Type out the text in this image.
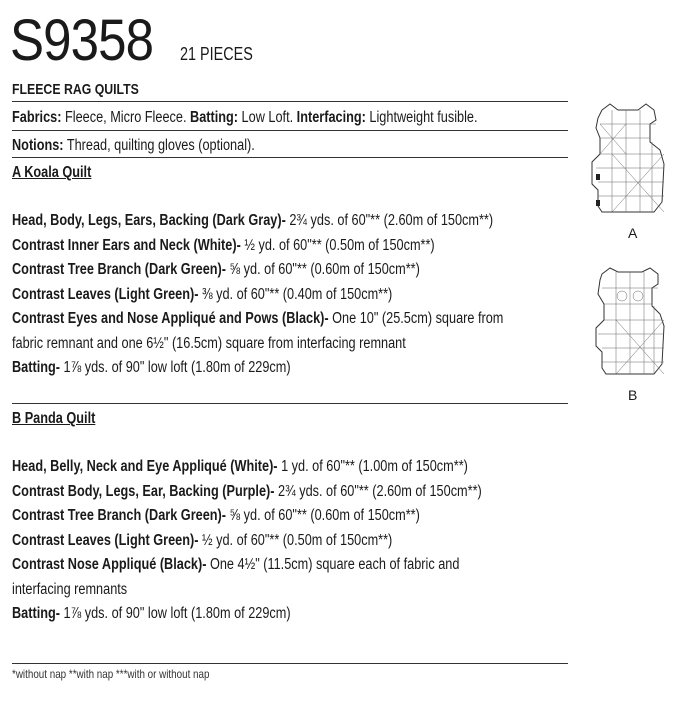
S9358 21 PIECES
FLEECE RAG QUILTS
Fabrics: Fleece, Micro Fleece. Batting: Low Loft. Interfacing: Lightweight fusible.
Notions: Thread, quilting gloves (optional).
A Koala Quilt
Head, Body, Legs, Ears, Backing (Dark Gray)- 2¾ yds. of 60"** (2.60m of 150cm**)
Contrast Inner Ears and Neck (White)- ½ yd. of 60"** (0.50m of 150cm**)
Contrast Tree Branch (Dark Green)- ⅝ yd. of 60"** (0.60m of 150cm**)
Contrast Leaves (Light Green)- ⅜ yd. of 60"** (0.40m of 150cm**)
Contrast Eyes and Nose Appliqué and Pows (Black)- One 10" (25.5cm) square from
fabric remnant and one 6½" (16.5cm) square from interfacing remnant
Batting- 1⅞ yds. of 90" low loft (1.80m of 229cm)
B Panda Quilt
Head, Belly, Neck and Eye Appliqué (White)- 1 yd. of 60"** (1.00m of 150cm**)
Contrast Body, Legs, Ear, Backing (Purple)- 2¾ yds. of 60"** (2.60m of 150cm**)
Contrast Tree Branch (Dark Green)- ⅝ yd. of 60"** (0.60m of 150cm**)
Contrast Leaves (Light Green)- ½ yd. of 60"** (0.50m of 150cm**)
Contrast Nose Appliqué (Black)- One 4½" (11.5cm) square each of fabric and
interfacing remnants
Batting- 1⅞ yds. of 90" low loft (1.80m of 229cm)
*without nap **with nap ***with or without nap
A
B
